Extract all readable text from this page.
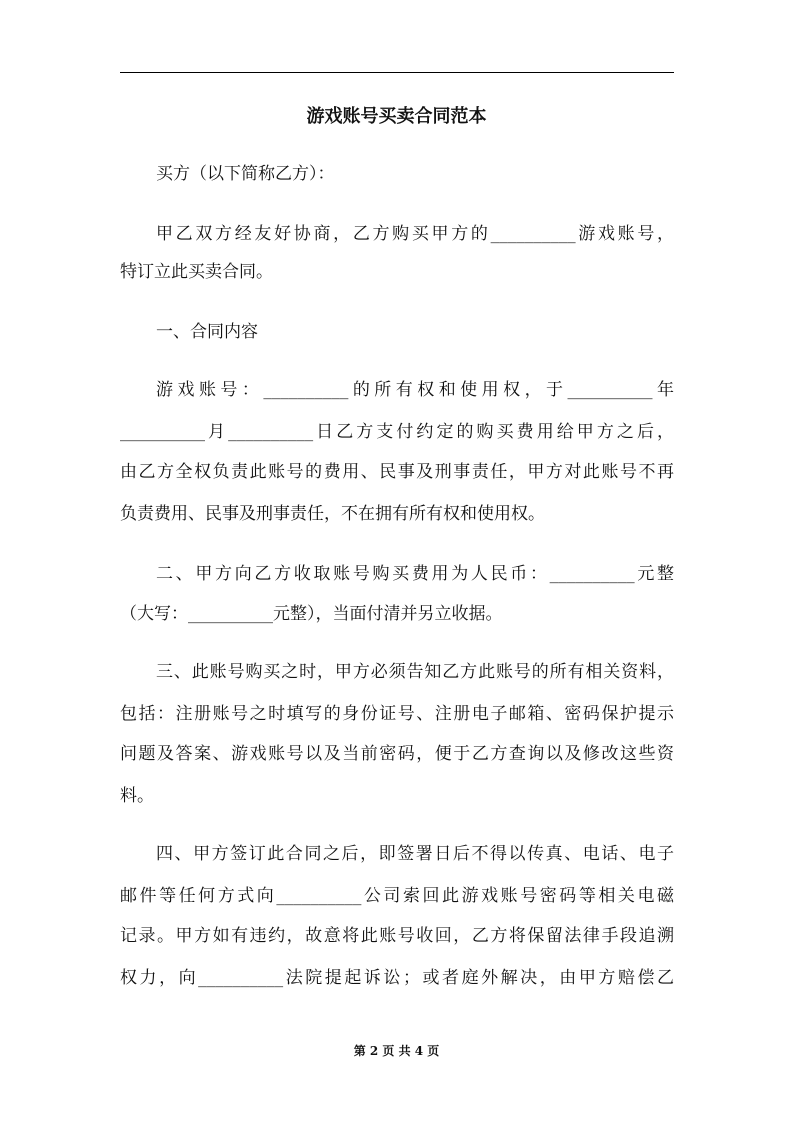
游戏账号买卖合同范本

买方（以下简称乙方）：

甲乙双方经友好协商，乙方购买甲方的__________游戏账号，

特订立此买卖合同。

一、合同内容

游戏账号：__________的所有权和使用权，于__________年

__________月__________日乙方支付约定的购买费用给甲方之后，

由乙方全权负责此账号的费用、民事及刑事责任，甲方对此账号不再

负责费用、民事及刑事责任，不在拥有所有权和使用权。

二、甲方向乙方收取账号购买费用为人民币：__________元整

（大写：__________元整），当面付清并另立收据。

三、此账号购买之时，甲方必须告知乙方此账号的所有相关资料，

包括：注册账号之时填写的身份证号、注册电子邮箱、密码保护提示

问题及答案、游戏账号以及当前密码，便于乙方查询以及修改这些资

料。

四、甲方签订此合同之后，即签署日后不得以传真、电话、电子

邮件等任何方式向__________公司索回此游戏账号密码等相关电磁

记录。甲方如有违约，故意将此账号收回，乙方将保留法律手段追溯

权力，向__________法院提起诉讼；或者庭外解决，由甲方赔偿乙

第 2 页 共 4 页
